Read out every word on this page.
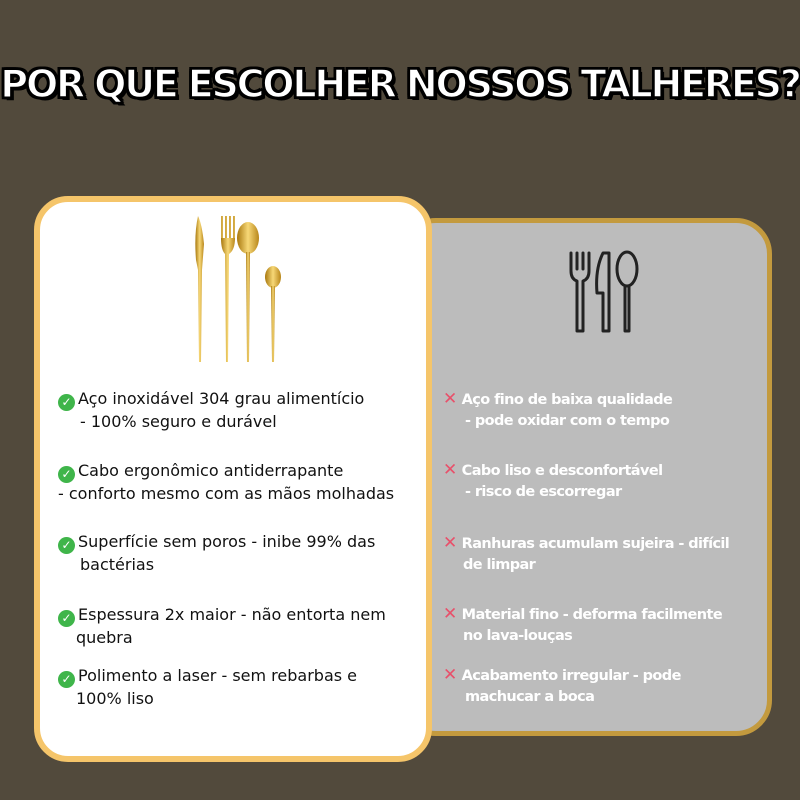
POR QUE ESCOLHER NOSSOS TALHERES?
✕ Aço fino de baixa qualidade
- pode oxidar com o tempo
✕ Cabo liso e desconfortável
- risco de escorregar
✕ Ranhuras acumulam sujeira - difícil
de limpar
✕ Material fino - deforma facilmente
no lava-louças
✕ Acabamento irregular - pode
machucar a boca
✓ Aço inoxidável 304 grau alimentício
- 100% seguro e durável
✓ Cabo ergonômico antiderrapante
- conforto mesmo com as mãos molhadas
✓ Superfície sem poros - inibe 99% das
bactérias
✓ Espessura 2x maior - não entorta nem
quebra
✓ Polimento a laser - sem rebarbas e
100% liso
